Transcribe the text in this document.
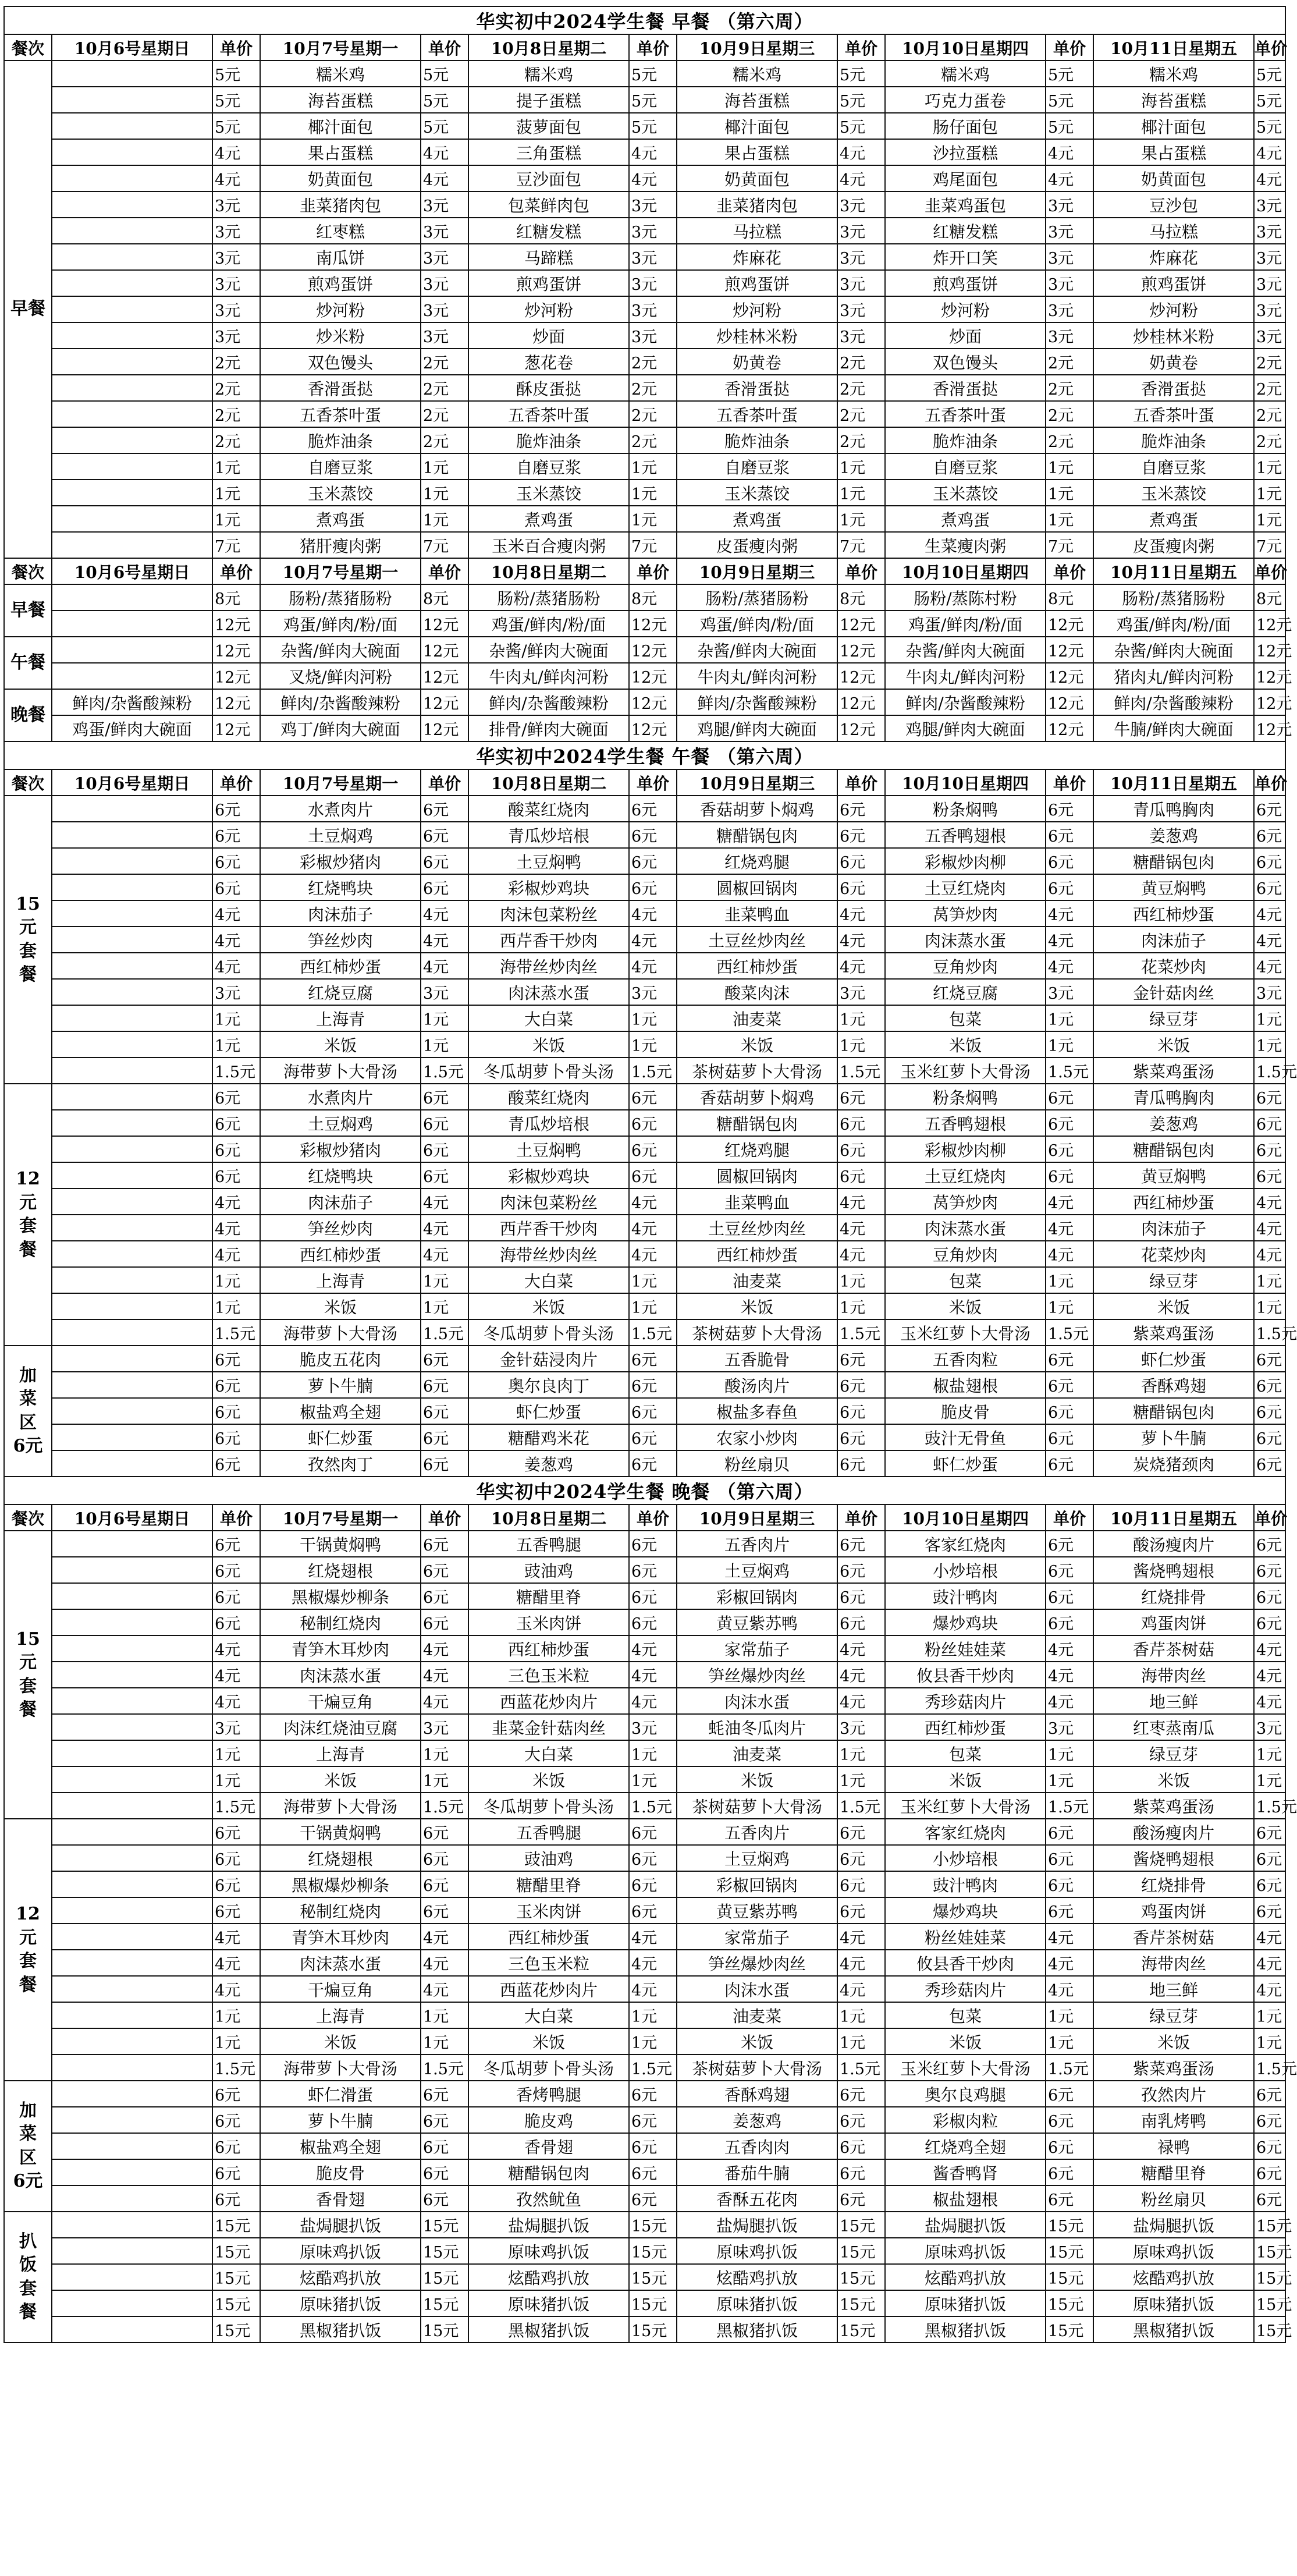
华实初中2024学生餐 早餐 （第六周）												
餐次	10月6号星期日	单价	10月7号星期一	单价	10月8日星期二	单价	10月9日星期三	单价	10月10日星期四	单价	10月11日星期五	单价
早餐		5元	糯米鸡	5元	糯米鸡	5元	糯米鸡	5元	糯米鸡	5元	糯米鸡	5元
		5元	海苔蛋糕	5元	提子蛋糕	5元	海苔蛋糕	5元	巧克力蛋卷	5元	海苔蛋糕	5元
		5元	椰汁面包	5元	菠萝面包	5元	椰汁面包	5元	肠仔面包	5元	椰汁面包	5元
		4元	果占蛋糕	4元	三角蛋糕	4元	果占蛋糕	4元	沙拉蛋糕	4元	果占蛋糕	4元
		4元	奶黄面包	4元	豆沙面包	4元	奶黄面包	4元	鸡尾面包	4元	奶黄面包	4元
		3元	韭菜猪肉包	3元	包菜鲜肉包	3元	韭菜猪肉包	3元	韭菜鸡蛋包	3元	豆沙包	3元
		3元	红枣糕	3元	红糖发糕	3元	马拉糕	3元	红糖发糕	3元	马拉糕	3元
		3元	南瓜饼	3元	马蹄糕	3元	炸麻花	3元	炸开口笑	3元	炸麻花	3元
		3元	煎鸡蛋饼	3元	煎鸡蛋饼	3元	煎鸡蛋饼	3元	煎鸡蛋饼	3元	煎鸡蛋饼	3元
		3元	炒河粉	3元	炒河粉	3元	炒河粉	3元	炒河粉	3元	炒河粉	3元
		3元	炒米粉	3元	炒面	3元	炒桂林米粉	3元	炒面	3元	炒桂林米粉	3元
		2元	双色馒头	2元	葱花卷	2元	奶黄卷	2元	双色馒头	2元	奶黄卷	2元
		2元	香滑蛋挞	2元	酥皮蛋挞	2元	香滑蛋挞	2元	香滑蛋挞	2元	香滑蛋挞	2元
		2元	五香茶叶蛋	2元	五香茶叶蛋	2元	五香茶叶蛋	2元	五香茶叶蛋	2元	五香茶叶蛋	2元
		2元	脆炸油条	2元	脆炸油条	2元	脆炸油条	2元	脆炸油条	2元	脆炸油条	2元
		1元	自磨豆浆	1元	自磨豆浆	1元	自磨豆浆	1元	自磨豆浆	1元	自磨豆浆	1元
		1元	玉米蒸饺	1元	玉米蒸饺	1元	玉米蒸饺	1元	玉米蒸饺	1元	玉米蒸饺	1元
		1元	煮鸡蛋	1元	煮鸡蛋	1元	煮鸡蛋	1元	煮鸡蛋	1元	煮鸡蛋	1元
		7元	猪肝瘦肉粥	7元	玉米百合瘦肉粥	7元	皮蛋瘦肉粥	7元	生菜瘦肉粥	7元	皮蛋瘦肉粥	7元
餐次	10月6号星期日	单价	10月7号星期一	单价	10月8日星期二	单价	10月9日星期三	单价	10月10日星期四	单价	10月11日星期五	单价
早餐		8元	肠粉/蒸猪肠粉	8元	肠粉/蒸猪肠粉	8元	肠粉/蒸猪肠粉	8元	肠粉/蒸陈村粉	8元	肠粉/蒸猪肠粉	8元
		12元	鸡蛋/鲜肉/粉/面	12元	鸡蛋/鲜肉/粉/面	12元	鸡蛋/鲜肉/粉/面	12元	鸡蛋/鲜肉/粉/面	12元	鸡蛋/鲜肉/粉/面	12元
午餐		12元	杂酱/鲜肉大碗面	12元	杂酱/鲜肉大碗面	12元	杂酱/鲜肉大碗面	12元	杂酱/鲜肉大碗面	12元	杂酱/鲜肉大碗面	12元
		12元	叉烧/鲜肉河粉	12元	牛肉丸/鲜肉河粉	12元	牛肉丸/鲜肉河粉	12元	牛肉丸/鲜肉河粉	12元	猪肉丸/鲜肉河粉	12元
晚餐	鲜肉/杂酱酸辣粉	12元	鲜肉/杂酱酸辣粉	12元	鲜肉/杂酱酸辣粉	12元	鲜肉/杂酱酸辣粉	12元	鲜肉/杂酱酸辣粉	12元	鲜肉/杂酱酸辣粉	12元
	鸡蛋/鲜肉大碗面	12元	鸡丁/鲜肉大碗面	12元	排骨/鲜肉大碗面	12元	鸡腿/鲜肉大碗面	12元	鸡腿/鲜肉大碗面	12元	牛腩/鲜肉大碗面	12元
华实初中2024学生餐 午餐 （第六周）												
餐次	10月6号星期日	单价	10月7号星期一	单价	10月8日星期二	单价	10月9日星期三	单价	10月10日星期四	单价	10月11日星期五	单价
15
元
套
餐		6元	水煮肉片	6元	酸菜红烧肉	6元	香菇胡萝卜焖鸡	6元	粉条焖鸭	6元	青瓜鸭胸肉	6元
		6元	土豆焖鸡	6元	青瓜炒培根	6元	糖醋锅包肉	6元	五香鸭翅根	6元	姜葱鸡	6元
		6元	彩椒炒猪肉	6元	土豆焖鸭	6元	红烧鸡腿	6元	彩椒炒肉柳	6元	糖醋锅包肉	6元
		6元	红烧鸭块	6元	彩椒炒鸡块	6元	圆椒回锅肉	6元	土豆红烧肉	6元	黄豆焖鸭	6元
		4元	肉沫茄子	4元	肉沫包菜粉丝	4元	韭菜鸭血	4元	莴笋炒肉	4元	西红柿炒蛋	4元
		4元	笋丝炒肉	4元	西芹香干炒肉	4元	土豆丝炒肉丝	4元	肉沫蒸水蛋	4元	肉沫茄子	4元
		4元	西红柿炒蛋	4元	海带丝炒肉丝	4元	西红柿炒蛋	4元	豆角炒肉	4元	花菜炒肉	4元
		3元	红烧豆腐	3元	肉沫蒸水蛋	3元	酸菜肉沫	3元	红烧豆腐	3元	金针菇肉丝	3元
		1元	上海青	1元	大白菜	1元	油麦菜	1元	包菜	1元	绿豆芽	1元
		1元	米饭	1元	米饭	1元	米饭	1元	米饭	1元	米饭	1元
		1.5元	海带萝卜大骨汤	1.5元	冬瓜胡萝卜骨头汤	1.5元	茶树菇萝卜大骨汤	1.5元	玉米红萝卜大骨汤	1.5元	紫菜鸡蛋汤	1.5元
12
元
套
餐		6元	水煮肉片	6元	酸菜红烧肉	6元	香菇胡萝卜焖鸡	6元	粉条焖鸭	6元	青瓜鸭胸肉	6元
		6元	土豆焖鸡	6元	青瓜炒培根	6元	糖醋锅包肉	6元	五香鸭翅根	6元	姜葱鸡	6元
		6元	彩椒炒猪肉	6元	土豆焖鸭	6元	红烧鸡腿	6元	彩椒炒肉柳	6元	糖醋锅包肉	6元
		6元	红烧鸭块	6元	彩椒炒鸡块	6元	圆椒回锅肉	6元	土豆红烧肉	6元	黄豆焖鸭	6元
		4元	肉沫茄子	4元	肉沫包菜粉丝	4元	韭菜鸭血	4元	莴笋炒肉	4元	西红柿炒蛋	4元
		4元	笋丝炒肉	4元	西芹香干炒肉	4元	土豆丝炒肉丝	4元	肉沫蒸水蛋	4元	肉沫茄子	4元
		4元	西红柿炒蛋	4元	海带丝炒肉丝	4元	西红柿炒蛋	4元	豆角炒肉	4元	花菜炒肉	4元
		1元	上海青	1元	大白菜	1元	油麦菜	1元	包菜	1元	绿豆芽	1元
		1元	米饭	1元	米饭	1元	米饭	1元	米饭	1元	米饭	1元
		1.5元	海带萝卜大骨汤	1.5元	冬瓜胡萝卜骨头汤	1.5元	茶树菇萝卜大骨汤	1.5元	玉米红萝卜大骨汤	1.5元	紫菜鸡蛋汤	1.5元
加
菜
区
6元		6元	脆皮五花肉	6元	金针菇浸肉片	6元	五香脆骨	6元	五香肉粒	6元	虾仁炒蛋	6元
		6元	萝卜牛腩	6元	奥尔良肉丁	6元	酸汤肉片	6元	椒盐翅根	6元	香酥鸡翅	6元
		6元	椒盐鸡全翅	6元	虾仁炒蛋	6元	椒盐多春鱼	6元	脆皮骨	6元	糖醋锅包肉	6元
		6元	虾仁炒蛋	6元	糖醋鸡米花	6元	农家小炒肉	6元	豉汁无骨鱼	6元	萝卜牛腩	6元
		6元	孜然肉丁	6元	姜葱鸡	6元	粉丝扇贝	6元	虾仁炒蛋	6元	炭烧猪颈肉	6元
华实初中2024学生餐 晚餐 （第六周）												
餐次	10月6号星期日	单价	10月7号星期一	单价	10月8日星期二	单价	10月9日星期三	单价	10月10日星期四	单价	10月11日星期五	单价
15
元
套
餐		6元	干锅黄焖鸭	6元	五香鸭腿	6元	五香肉片	6元	客家红烧肉	6元	酸汤瘦肉片	6元
		6元	红烧翅根	6元	豉油鸡	6元	土豆焖鸡	6元	小炒培根	6元	酱烧鸭翅根	6元
		6元	黑椒爆炒柳条	6元	糖醋里脊	6元	彩椒回锅肉	6元	豉汁鸭肉	6元	红烧排骨	6元
		6元	秘制红烧肉	6元	玉米肉饼	6元	黄豆紫苏鸭	6元	爆炒鸡块	6元	鸡蛋肉饼	6元
		4元	青笋木耳炒肉	4元	西红柿炒蛋	4元	家常茄子	4元	粉丝娃娃菜	4元	香芹茶树菇	4元
		4元	肉沫蒸水蛋	4元	三色玉米粒	4元	笋丝爆炒肉丝	4元	攸县香干炒肉	4元	海带肉丝	4元
		4元	干煸豆角	4元	西蓝花炒肉片	4元	肉沫水蛋	4元	秀珍菇肉片	4元	地三鲜	4元
		3元	肉沫红烧油豆腐	3元	韭菜金针菇肉丝	3元	蚝油冬瓜肉片	3元	西红柿炒蛋	3元	红枣蒸南瓜	3元
		1元	上海青	1元	大白菜	1元	油麦菜	1元	包菜	1元	绿豆芽	1元
		1元	米饭	1元	米饭	1元	米饭	1元	米饭	1元	米饭	1元
		1.5元	海带萝卜大骨汤	1.5元	冬瓜胡萝卜骨头汤	1.5元	茶树菇萝卜大骨汤	1.5元	玉米红萝卜大骨汤	1.5元	紫菜鸡蛋汤	1.5元
12
元
套
餐		6元	干锅黄焖鸭	6元	五香鸭腿	6元	五香肉片	6元	客家红烧肉	6元	酸汤瘦肉片	6元
		6元	红烧翅根	6元	豉油鸡	6元	土豆焖鸡	6元	小炒培根	6元	酱烧鸭翅根	6元
		6元	黑椒爆炒柳条	6元	糖醋里脊	6元	彩椒回锅肉	6元	豉汁鸭肉	6元	红烧排骨	6元
		6元	秘制红烧肉	6元	玉米肉饼	6元	黄豆紫苏鸭	6元	爆炒鸡块	6元	鸡蛋肉饼	6元
		4元	青笋木耳炒肉	4元	西红柿炒蛋	4元	家常茄子	4元	粉丝娃娃菜	4元	香芹茶树菇	4元
		4元	肉沫蒸水蛋	4元	三色玉米粒	4元	笋丝爆炒肉丝	4元	攸县香干炒肉	4元	海带肉丝	4元
		4元	干煸豆角	4元	西蓝花炒肉片	4元	肉沫水蛋	4元	秀珍菇肉片	4元	地三鲜	4元
		1元	上海青	1元	大白菜	1元	油麦菜	1元	包菜	1元	绿豆芽	1元
		1元	米饭	1元	米饭	1元	米饭	1元	米饭	1元	米饭	1元
		1.5元	海带萝卜大骨汤	1.5元	冬瓜胡萝卜骨头汤	1.5元	茶树菇萝卜大骨汤	1.5元	玉米红萝卜大骨汤	1.5元	紫菜鸡蛋汤	1.5元
加
菜
区
6元		6元	虾仁滑蛋	6元	香烤鸭腿	6元	香酥鸡翅	6元	奥尔良鸡腿	6元	孜然肉片	6元
		6元	萝卜牛腩	6元	脆皮鸡	6元	姜葱鸡	6元	彩椒肉粒	6元	南乳烤鸭	6元
		6元	椒盐鸡全翅	6元	香骨翅	6元	五香肉肉	6元	红烧鸡全翅	6元	禄鸭	6元
		6元	脆皮骨	6元	糖醋锅包肉	6元	番茄牛腩	6元	酱香鸭肾	6元	糖醋里脊	6元
		6元	香骨翅	6元	孜然鱿鱼	6元	香酥五花肉	6元	椒盐翅根	6元	粉丝扇贝	6元
扒
饭
套
餐		15元	盐焗腿扒饭	15元	盐焗腿扒饭	15元	盐焗腿扒饭	15元	盐焗腿扒饭	15元	盐焗腿扒饭	15元
		15元	原味鸡扒饭	15元	原味鸡扒饭	15元	原味鸡扒饭	15元	原味鸡扒饭	15元	原味鸡扒饭	15元
		15元	炫酷鸡扒放	15元	炫酷鸡扒放	15元	炫酷鸡扒放	15元	炫酷鸡扒放	15元	炫酷鸡扒放	15元
		15元	原味猪扒饭	15元	原味猪扒饭	15元	原味猪扒饭	15元	原味猪扒饭	15元	原味猪扒饭	15元
		15元	黑椒猪扒饭	15元	黑椒猪扒饭	15元	黑椒猪扒饭	15元	黑椒猪扒饭	15元	黑椒猪扒饭	15元
